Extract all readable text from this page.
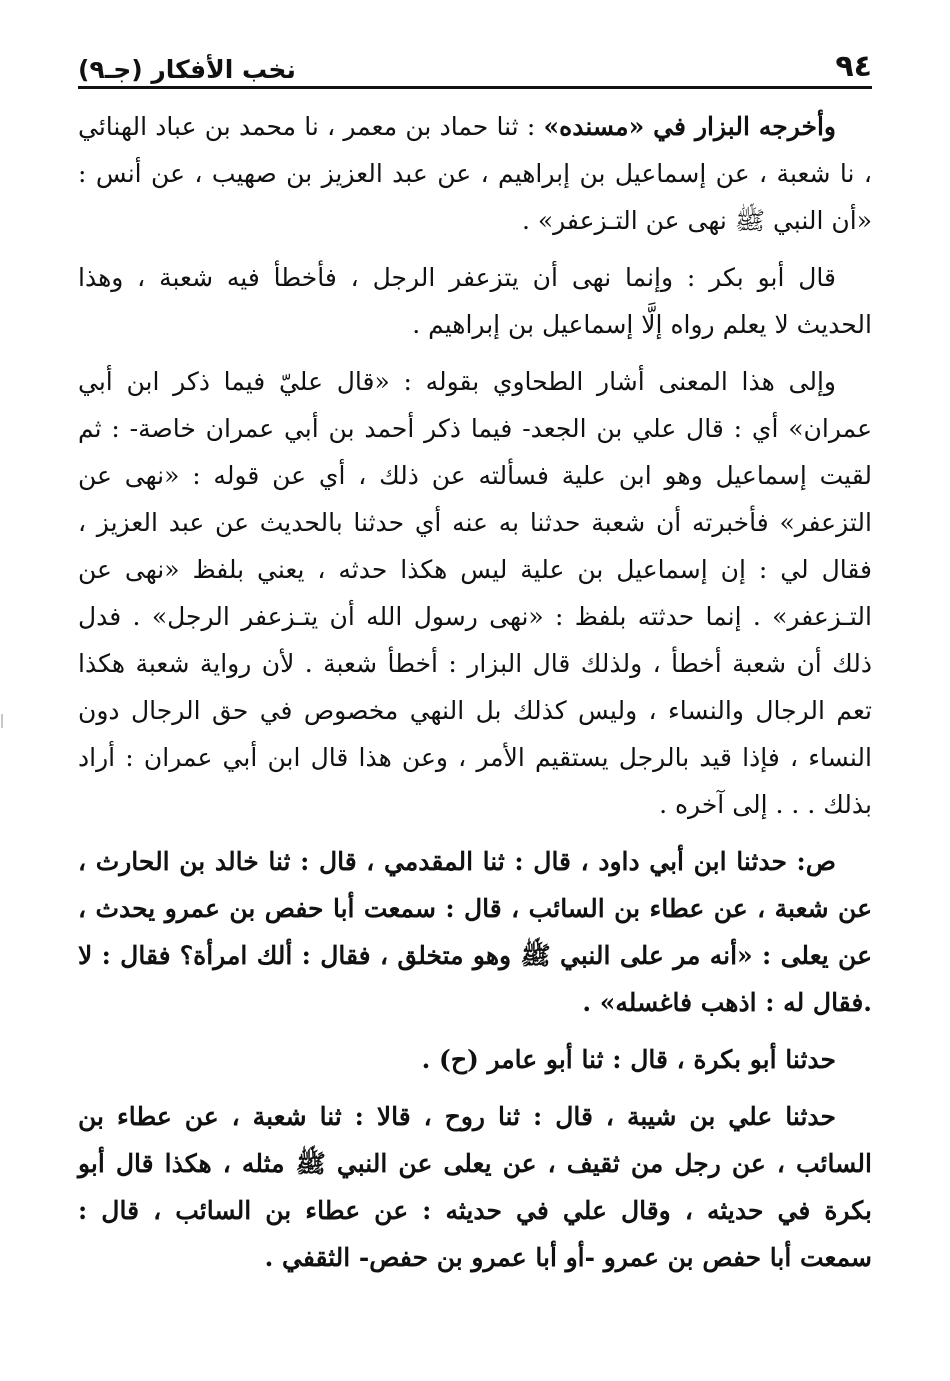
٩٤
نخب الأفكار (جـ٩)

وأخرجه البزار في «مسنده» : ثنا حماد بن معمر ، نا محمد بن عباد الهنائي ، نا شعبة ، عن إسماعيل بن إبراهيم ، عن عبد العزيز بن صهيب ، عن أنس : «أن النبي ﷺ نهى عن التـزعفر» .

قال أبو بكر : وإنما نهى أن يتزعفر الرجل ، فأخطأ فيه شعبة ، وهذا الحديث لا يعلم رواه إلَّا إسماعيل بن إبراهيم .

وإلى هذا المعنى أشار الطحاوي بقوله : «قال عليّ فيما ذكر ابن أبي عمران» أي : قال علي بن الجعد- فيما ذكر أحمد بن أبي عمران خاصة- : ثم لقيت إسماعيل وهو ابن علية فسألته عن ذلك ، أي عن قوله : «نهى عن التزعفر» فأخبرته أن شعبة حدثنا به عنه أي حدثنا بالحديث عن عبد العزيز ، فقال لي : إن إسماعيل بن علية ليس هكذا حدثه ، يعني بلفظ «نهى عن التـزعفر» . إنما حدثته بلفظ : «نهى رسول الله أن يتـزعفر الرجل» . فدل ذلك أن شعبة أخطأ ، ولذلك قال البزار : أخطأ شعبة . لأن رواية شعبة هكذا تعم الرجال والنساء ، وليس كذلك بل النهي مخصوص في حق الرجال دون النساء ، فإذا قيد بالرجل يستقيم الأمر ، وعن هذا قال ابن أبي عمران : أراد بذلك . . . إلى آخره .

ص: حدثنا ابن أبي داود ، قال : ثنا المقدمي ، قال : ثنا خالد بن الحارث ، عن شعبة ، عن عطاء بن السائب ، قال : سمعت أبا حفص بن عمرو يحدث ، عن يعلى : «أنه مر على النبي ﷺ وهو متخلق ، فقال : ألك امرأة؟ فقال : لا .فقال له : اذهب فاغسله» .

حدثنا أبو بكرة ، قال : ثنا أبو عامر (ح) .

حدثنا علي بن شيبة ، قال : ثنا روح ، قالا : ثنا شعبة ، عن عطاء بن السائب ، عن رجل من ثقيف ، عن يعلى عن النبي ﷺ مثله ، هكذا قال أبو بكرة في حديثه ، وقال علي في حديثه : عن عطاء بن السائب ، قال : سمعت أبا حفص بن عمرو -أو أبا عمرو بن حفص- الثقفي .
